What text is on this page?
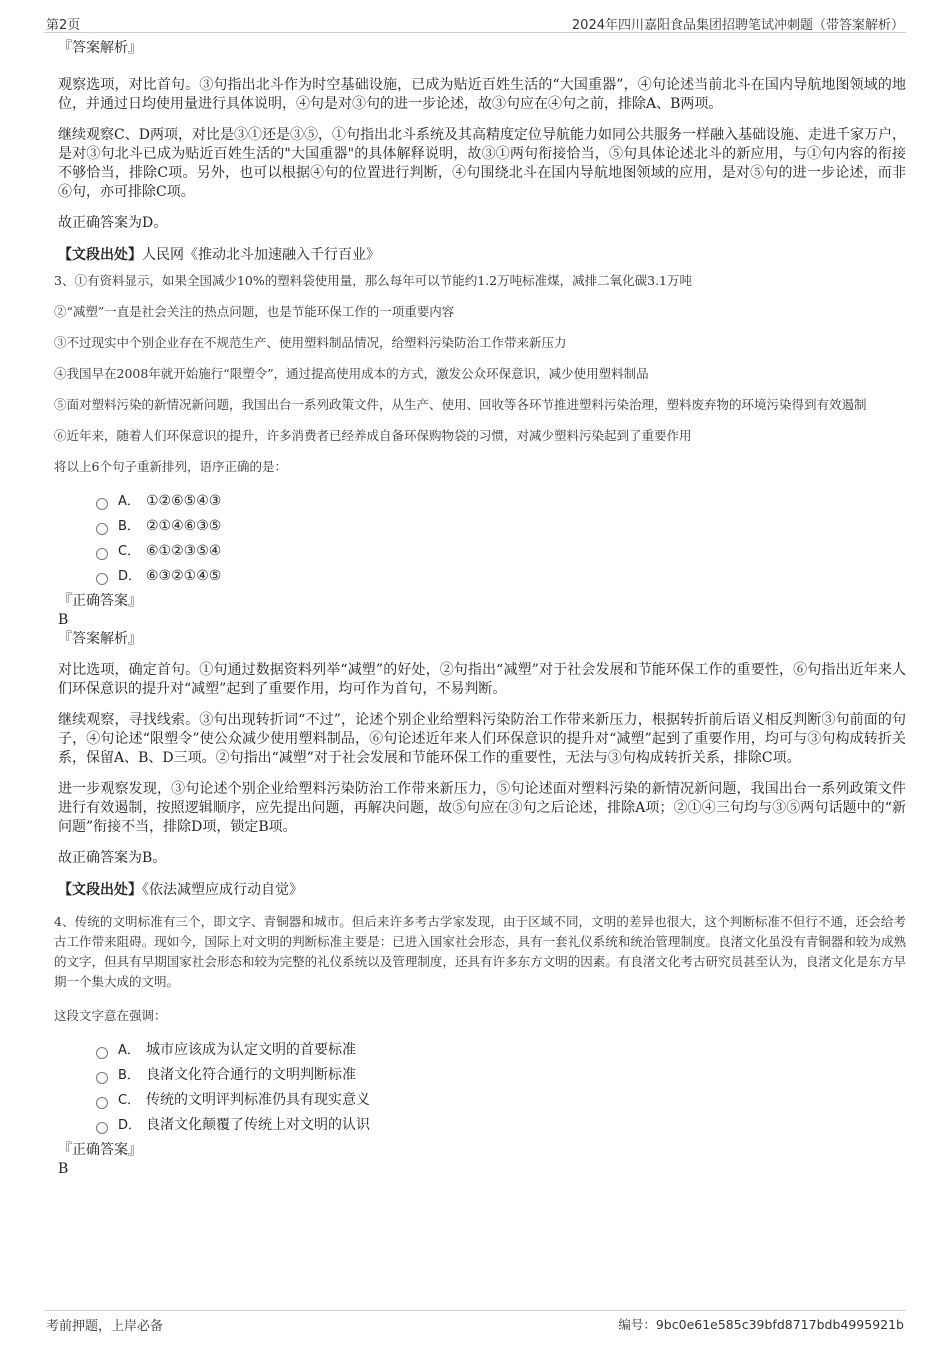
第2页	2024年四川嘉阳食品集团招聘笔试冲刺题（带答案解析）
『答案解析』

观察选项，对比首句。③句指出北斗作为时空基础设施，已成为贴近百姓生活的“大国重器”，④句论述当前北斗在国内导航地图领域的地位，并通过日均使用量进行具体说明，④句是对③句的进一步论述，故③句应在④句之前，排除A、B两项。

继续观察C、D两项，对比是③①还是③⑤，①句指出北斗系统及其高精度定位导航能力如同公共服务一样融入基础设施、走进千家万户，是对③句北斗已成为贴近百姓生活的"大国重器"的具体解释说明，故③①两句衔接恰当，⑤句具体论述北斗的新应用，与①句内容的衔接不够恰当，排除C项。另外，也可以根据④句的位置进行判断，④句围绕北斗在国内导航地图领域的应用，是对⑤句的进一步论述，而非⑥句，亦可排除C项。

故正确答案为D。

【文段出处】人民网《推动北斗加速融入千行百业》

3、①有资料显示，如果全国减少10%的塑料袋使用量，那么每年可以节能约1.2万吨标准煤，减排二氧化碳3.1万吨

②“减塑”一直是社会关注的热点问题，也是节能环保工作的一项重要内容

③不过现实中个别企业存在不规范生产、使用塑料制品情况，给塑料污染防治工作带来新压力

④我国早在2008年就开始施行“限塑令”，通过提高使用成本的方式，激发公众环保意识，减少使用塑料制品

⑤面对塑料污染的新情况新问题，我国出台一系列政策文件，从生产、使用、回收等各环节推进塑料污染治理，塑料废弃物的环境污染得到有效遏制

⑥近年来，随着人们环保意识的提升，许多消费者已经养成自备环保购物袋的习惯，对减少塑料污染起到了重要作用

将以上6个句子重新排列，语序正确的是：

A． ①②⑥⑤④③
B． ②①④⑥③⑤
C． ⑥①②③⑤④
D． ⑥③②①④⑤
『正确答案』
B
『答案解析』

对比选项，确定首句。①句通过数据资料列举“减塑”的好处，②句指出“减塑”对于社会发展和节能环保工作的重要性，⑥句指出近年来人们环保意识的提升对“减塑”起到了重要作用，均可作为首句，不易判断。

继续观察，寻找线索。③句出现转折词“不过”，论述个别企业给塑料污染防治工作带来新压力，根据转折前后语义相反判断③句前面的句子，④句论述“限塑令”使公众减少使用塑料制品，⑥句论述近年来人们环保意识的提升对“减塑”起到了重要作用，均可与③句构成转折关系，保留A、B、D三项。②句指出“减塑”对于社会发展和节能环保工作的重要性，无法与③句构成转折关系，排除C项。

进一步观察发现，③句论述个别企业给塑料污染防治工作带来新压力，⑤句论述面对塑料污染的新情况新问题，我国出台一系列政策文件进行有效遏制，按照逻辑顺序，应先提出问题，再解决问题，故⑤句应在③句之后论述，排除A项；②①④三句均与③⑤两句话题中的“新问题”衔接不当，排除D项，锁定B项。

故正确答案为B。

【文段出处】《依法减塑应成行动自觉》

4、传统的文明标准有三个，即文字、青铜器和城市。但后来许多考古学家发现，由于区域不同，文明的差异也很大，这个判断标准不但行不通，还会给考古工作带来阻碍。现如今，国际上对文明的判断标准主要是：已进入国家社会形态，具有一套礼仪系统和统治管理制度。良渚文化虽没有青铜器和较为成熟的文字，但具有早期国家社会形态和较为完整的礼仪系统以及管理制度，还具有许多东方文明的因素。有良渚文化考古研究员甚至认为，良渚文化是东方早期一个集大成的文明。

这段文字意在强调：

A． 城市应该成为认定文明的首要标准
B． 良渚文化符合通行的文明判断标准
C． 传统的文明评判标准仍具有现实意义
D． 良渚文化颠覆了传统上对文明的认识
『正确答案』
B
考前押题，上岸必备	编号：9bc0e61e585c39bfd8717bdb4995921b
